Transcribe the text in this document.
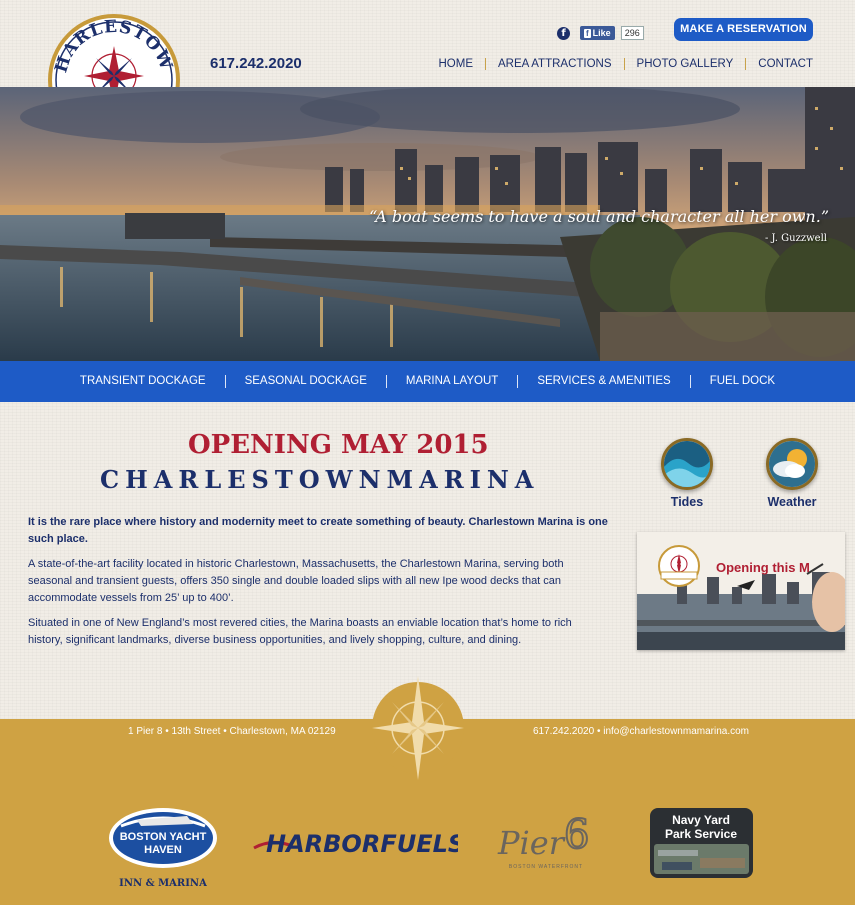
HARLESTOW 617.242.2020
f	f Like	296	MAKE A RESERVATION
HOME	AREA ATTRACTIONS	PHOTO GALLERY	CONTACT
“A boat seems to have a soul and character all her own.”
- J. Guzzwell
TRANSIENT DOCKAGE	SEASONAL DOCKAGE	MARINA LAYOUT	SERVICES & AMENITIES	FUEL DOCK
OPENING MAY 2015
CHARLESTOWNMARINA
It is the rare place where history and modernity meet to create something of beauty. Charlestown Marina is one such place.
A state-of-the-art facility located in historic Charlestown, Massachusetts, the Charlestown Marina, serving both seasonal and transient guests, offers 350 single and double loaded slips with all new Ipe wood decks that can accommodate vessels from 25’ up to 400’.
Situated in one of New England’s most revered cities, the Marina boasts an enviable location that’s home to rich history, significant landmarks, diverse business opportunities, and lively shopping, culture, and dining.
Tides	Weather
Opening this M
1 Pier 8 • 13th Street • Charlestown, MA 02129	617.242.2020 • info@charlestownmamarina.com
BOSTON YACHT
HAVEN
INN & MARINA
HARBORFUELS Pier 6
BOSTON WATERFRONT
Navy Yard
Park Service
